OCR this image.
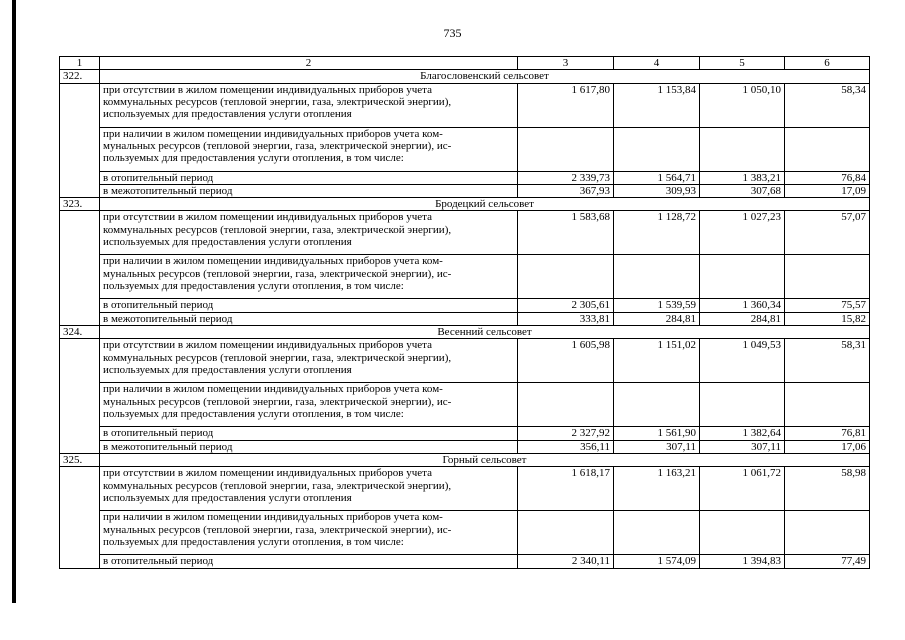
735
1	2	3	4	5	6
322.	Благословенский сельсовет				

	при отсутствии в жилом помещении индивидуальных приборов учета
коммунальных ресурсов (тепловой энергии, газа, электрической энергии),
используемых для предоставления услуги отопления	1 617,80	1 153,84	1 050,10	58,34

	при наличии в жилом помещении индивидуальных приборов учета ком-
мунальных ресурсов (тепловой энергии, газа, электрической энергии), ис-
пользуемых для предоставления услуги отопления, в том числе:				

	в отопительный период	2 339,73	1 564,71	1 383,21	76,84

	в межотопительный период	367,93	309,93	307,68	17,09
323.	Бродецкий сельсовет				

	при отсутствии в жилом помещении индивидуальных приборов учета
коммунальных ресурсов (тепловой энергии, газа, электрической энергии),
используемых для предоставления услуги отопления	1 583,68	1 128,72	1 027,23	57,07

	при наличии в жилом помещении индивидуальных приборов учета ком-
мунальных ресурсов (тепловой энергии, газа, электрической энергии), ис-
пользуемых для предоставления услуги отопления, в том числе:				

	в отопительный период	2 305,61	1 539,59	1 360,34	75,57

	в межотопительный период	333,81	284,81	284,81	15,82
324.	Весенний сельсовет				

	при отсутствии в жилом помещении индивидуальных приборов учета
коммунальных ресурсов (тепловой энергии, газа, электрической энергии),
используемых для предоставления услуги отопления	1 605,98	1 151,02	1 049,53	58,31

	при наличии в жилом помещении индивидуальных приборов учета ком-
мунальных ресурсов (тепловой энергии, газа, электрической энергии), ис-
пользуемых для предоставления услуги отопления, в том числе:				

	в отопительный период	2 327,92	1 561,90	1 382,64	76,81

	в межотопительный период	356,11	307,11	307,11	17,06
325.	Горный сельсовет				

	при отсутствии в жилом помещении индивидуальных приборов учета
коммунальных ресурсов (тепловой энергии, газа, электрической энергии),
используемых для предоставления услуги отопления	1 618,17	1 163,21	1 061,72	58,98

	при наличии в жилом помещении индивидуальных приборов учета ком-
мунальных ресурсов (тепловой энергии, газа, электрической энергии), ис-
пользуемых для предоставления услуги отопления, в том числе:				

	в отопительный период	2 340,11	1 574,09	1 394,83	77,49
